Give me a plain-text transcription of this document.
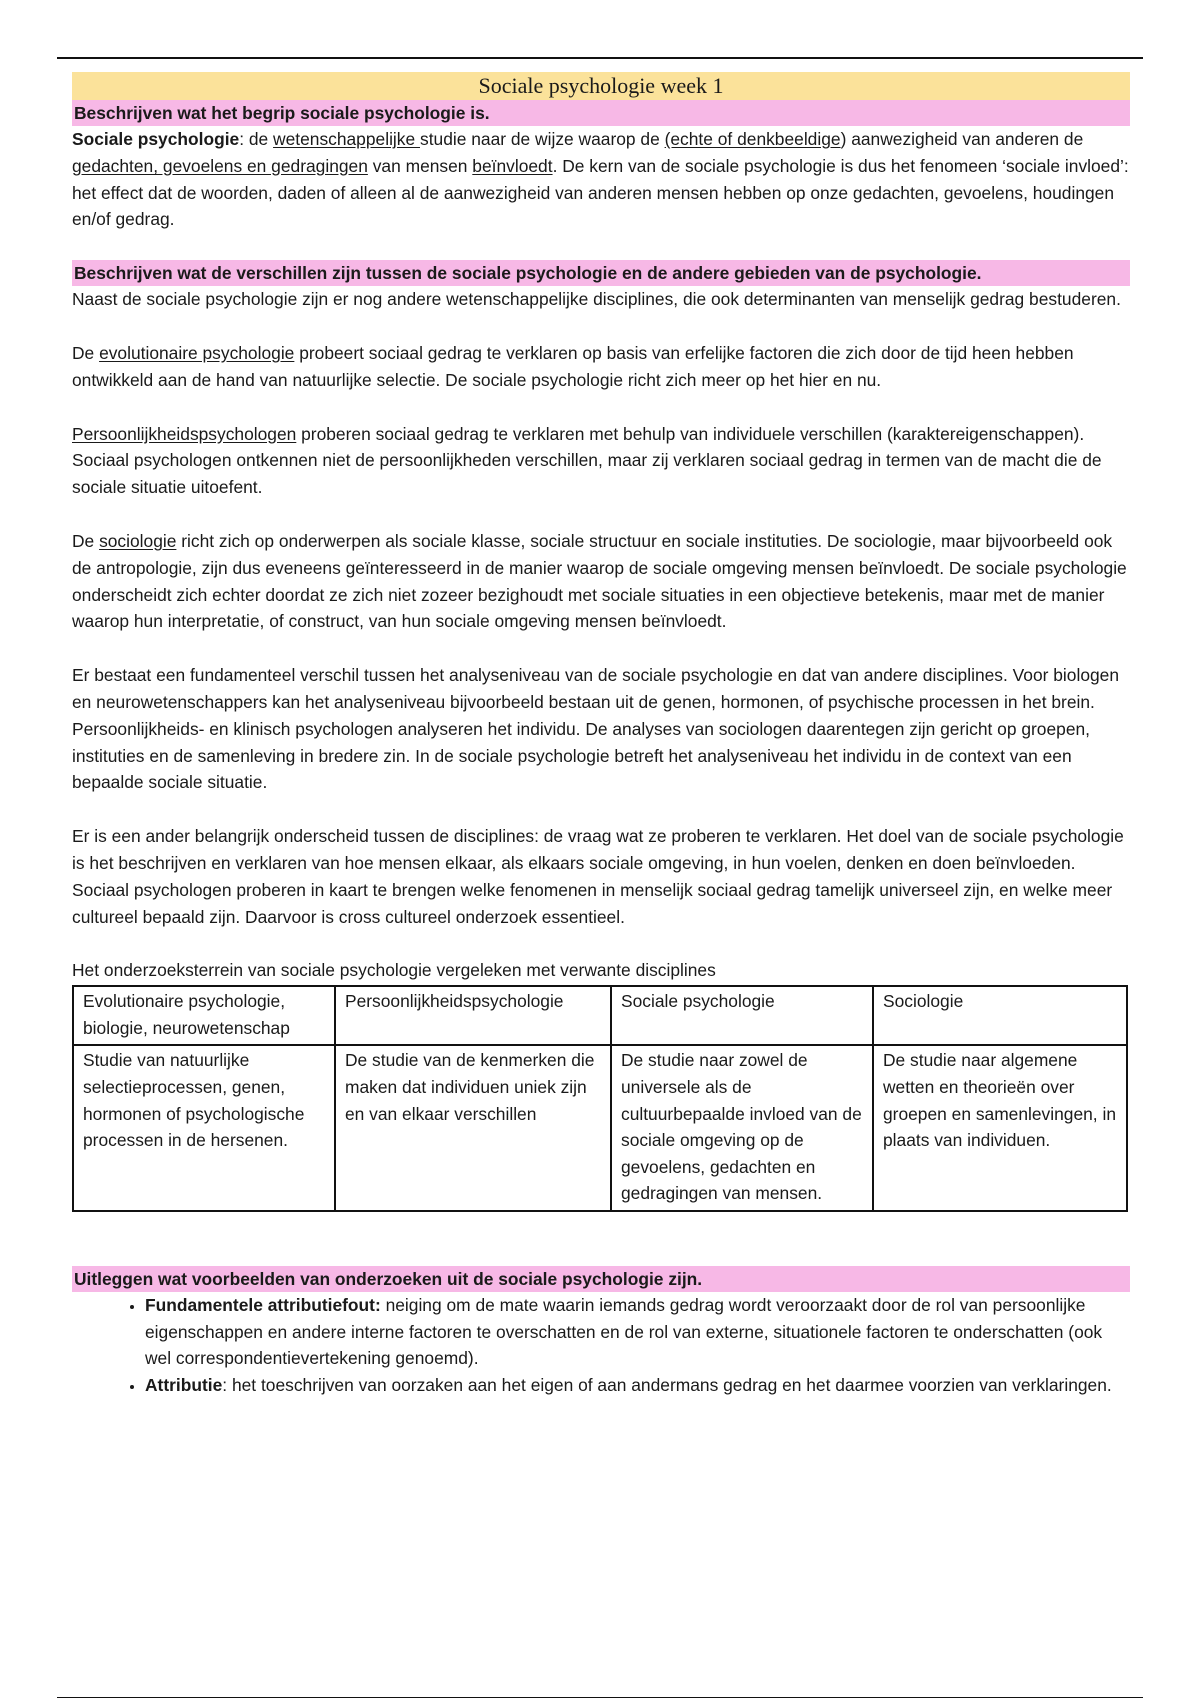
Sociale psychologie week 1
Beschrijven wat het begrip sociale psychologie is.

Sociale psychologie: de wetenschappelijke studie naar de wijze waarop de (echte of denkbeeldige) aanwezigheid van anderen de gedachten, gevoelens en gedragingen van mensen beïnvloedt. De kern van de sociale psychologie is dus het fenomeen ‘sociale invloed’: het effect dat de woorden, daden of alleen al de aanwezigheid van anderen mensen hebben op onze gedachten, gevoelens, houdingen en/of gedrag.

Beschrijven wat de verschillen zijn tussen de sociale psychologie en de andere gebieden van de psychologie.

Naast de sociale psychologie zijn er nog andere wetenschappelijke disciplines, die ook determinanten van menselijk gedrag bestuderen.

De evolutionaire psychologie probeert sociaal gedrag te verklaren op basis van erfelijke factoren die zich door de tijd heen hebben ontwikkeld aan de hand van natuurlijke selectie. De sociale psychologie richt zich meer op het hier en nu.

Persoonlijkheidspsychologen proberen sociaal gedrag te verklaren met behulp van individuele verschillen (karaktereigenschappen). Sociaal psychologen ontkennen niet de persoonlijkheden verschillen, maar zij verklaren sociaal gedrag in termen van de macht die de sociale situatie uitoefent.

De sociologie richt zich op onderwerpen als sociale klasse, sociale structuur en sociale instituties. De sociologie, maar bijvoorbeeld ook de antropologie, zijn dus eveneens geïnteresseerd in de manier waarop de sociale omgeving mensen beïnvloedt. De sociale psychologie onderscheidt zich echter doordat ze zich niet zozeer bezighoudt met sociale situaties in een objectieve betekenis, maar met de manier waarop hun interpretatie, of construct, van hun sociale omgeving mensen beïnvloedt.

Er bestaat een fundamenteel verschil tussen het analyseniveau van de sociale psychologie en dat van andere disciplines. Voor biologen en neurowetenschappers kan het analyseniveau bijvoorbeeld bestaan uit de genen, hormonen, of psychische processen in het brein. Persoonlijkheids- en klinisch psychologen analyseren het individu. De analyses van sociologen daarentegen zijn gericht op groepen, instituties en de samenleving in bredere zin. In de sociale psychologie betreft het analyseniveau het individu in de context van een bepaalde sociale situatie.

Er is een ander belangrijk onderscheid tussen de disciplines: de vraag wat ze proberen te verklaren. Het doel van de sociale psychologie is het beschrijven en verklaren van hoe mensen elkaar, als elkaars sociale omgeving, in hun voelen, denken en doen beïnvloeden. Sociaal psychologen proberen in kaart te brengen welke fenomenen in menselijk sociaal gedrag tamelijk universeel zijn, en welke meer cultureel bepaald zijn. Daarvoor is cross cultureel onderzoek essentieel.

Het onderzoeksterrein van sociale psychologie vergeleken met verwante disciplines

Evolutionaire psychologie, biologie, neurowetenschap	Persoonlijkheidspsychologie	Sociale psychologie	Sociologie
Studie van natuurlijke selectieprocessen, genen, hormonen of psychologische processen in de hersenen.	De studie van de kenmerken die maken dat individuen uniek zijn en van elkaar verschillen	De studie naar zowel de universele als de cultuurbepaalde invloed van de sociale omgeving op de gevoelens, gedachten en gedragingen van mensen.	De studie naar algemene wetten en theorieën over groepen en samenlevingen, in plaats van individuen.
Uitleggen wat voorbeelden van onderzoeken uit de sociale psychologie zijn.
• Fundamentele attributiefout: neiging om de mate waarin iemands gedrag wordt veroorzaakt door de rol van persoonlijke eigenschappen en andere interne factoren te overschatten en de rol van externe, situationele factoren te onderschatten (ook wel correspondentievertekening genoemd).
• Attributie: het toeschrijven van oorzaken aan het eigen of aan andermans gedrag en het daarmee voorzien van verklaringen.
